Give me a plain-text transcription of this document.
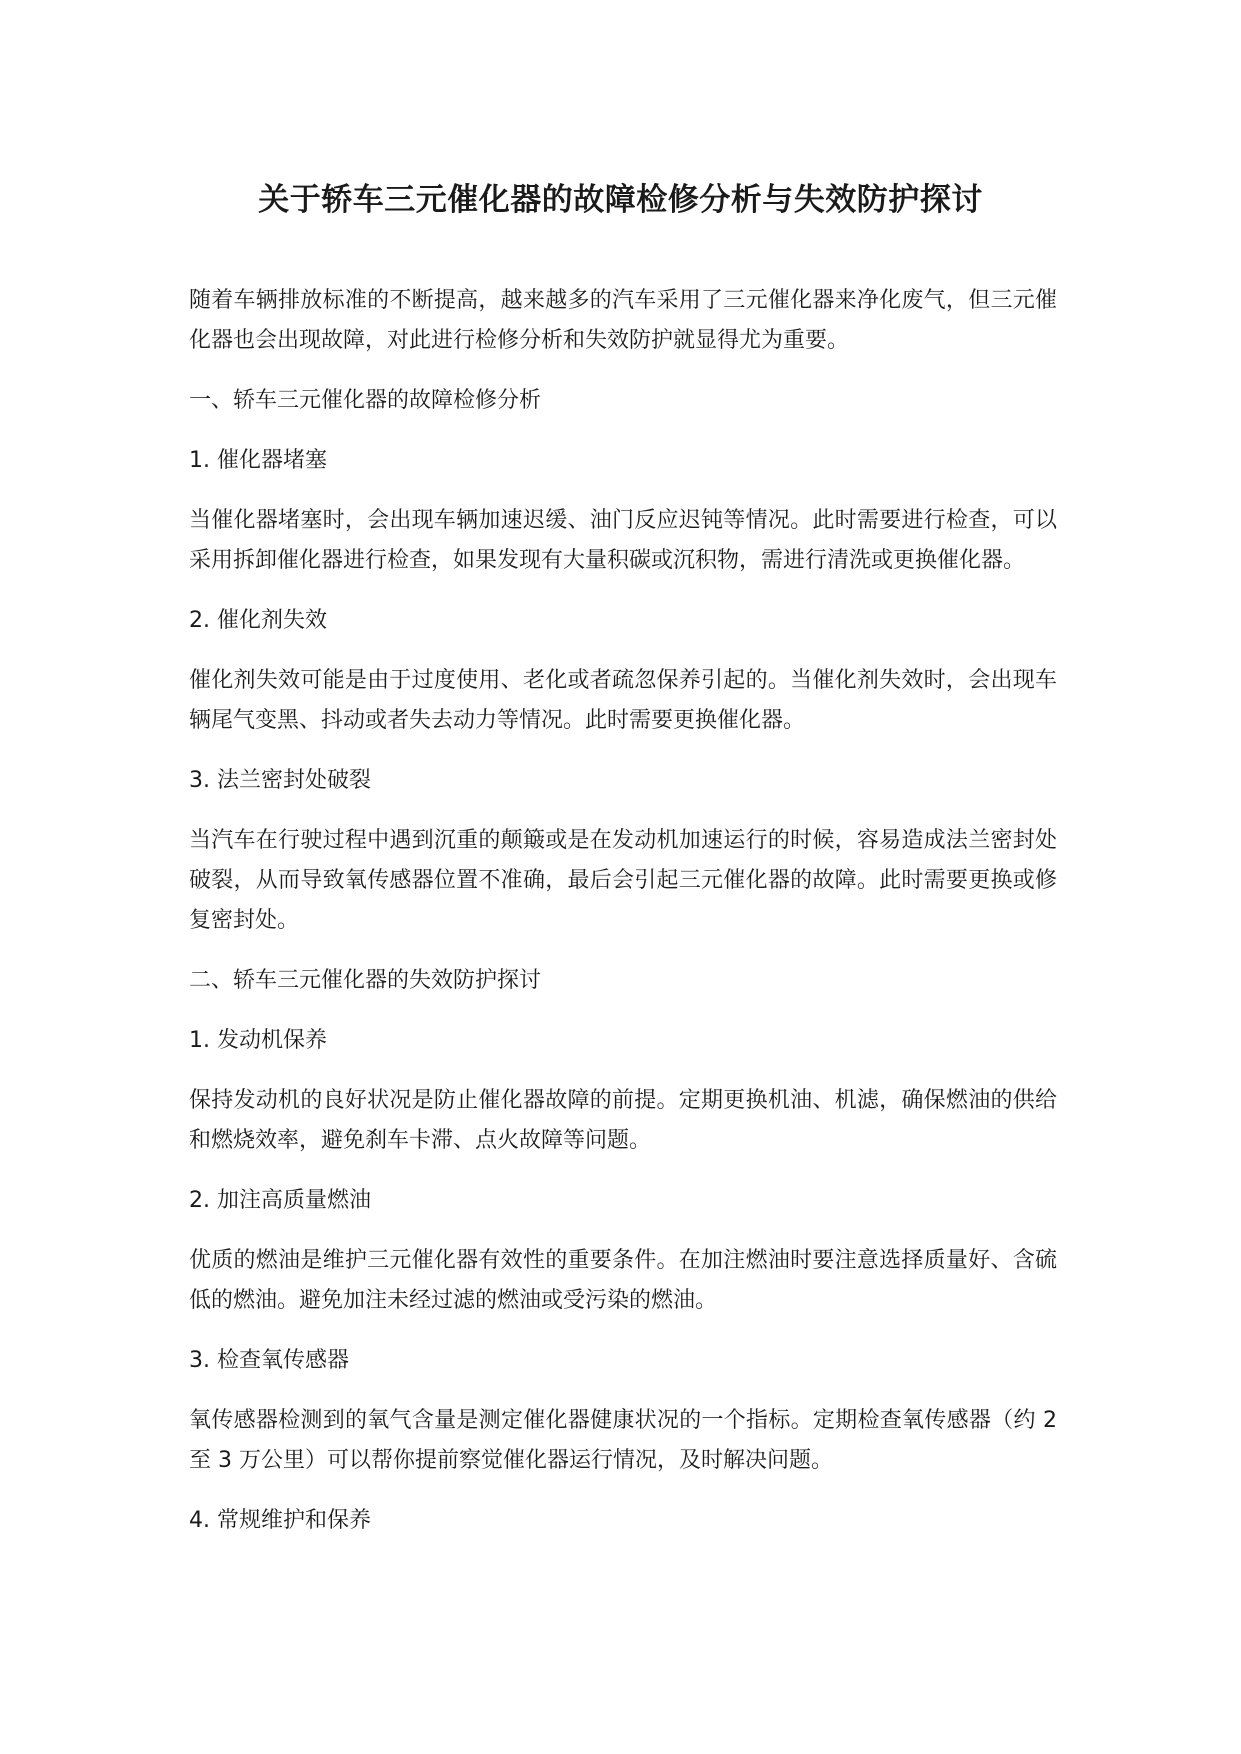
关于轿车三元催化器的故障检修分析与失效防护探讨

随着车辆排放标准的不断提高，越来越多的汽车采用了三元催化器来净化废气，但三元催化器也会出现故障，对此进行检修分析和失效防护就显得尤为重要。

一、轿车三元催化器的故障检修分析

1. 催化器堵塞

当催化器堵塞时，会出现车辆加速迟缓、油门反应迟钝等情况。此时需要进行检查，可以采用拆卸催化器进行检查，如果发现有大量积碳或沉积物，需进行清洗或更换催化器。

2. 催化剂失效

催化剂失效可能是由于过度使用、老化或者疏忽保养引起的。当催化剂失效时，会出现车辆尾气变黑、抖动或者失去动力等情况。此时需要更换催化器。

3. 法兰密封处破裂

当汽车在行驶过程中遇到沉重的颠簸或是在发动机加速运行的时候，容易造成法兰密封处破裂，从而导致氧传感器位置不准确，最后会引起三元催化器的故障。此时需要更换或修复密封处。

二、轿车三元催化器的失效防护探讨

1. 发动机保养

保持发动机的良好状况是防止催化器故障的前提。定期更换机油、机滤，确保燃油的供给和燃烧效率，避免刹车卡滞、点火故障等问题。

2. 加注高质量燃油

优质的燃油是维护三元催化器有效性的重要条件。在加注燃油时要注意选择质量好、含硫低的燃油。避免加注未经过滤的燃油或受污染的燃油。

3. 检查氧传感器

氧传感器检测到的氧气含量是测定催化器健康状况的一个指标。定期检查氧传感器（约 2 至 3 万公里）可以帮你提前察觉催化器运行情况，及时解决问题。

4. 常规维护和保养
